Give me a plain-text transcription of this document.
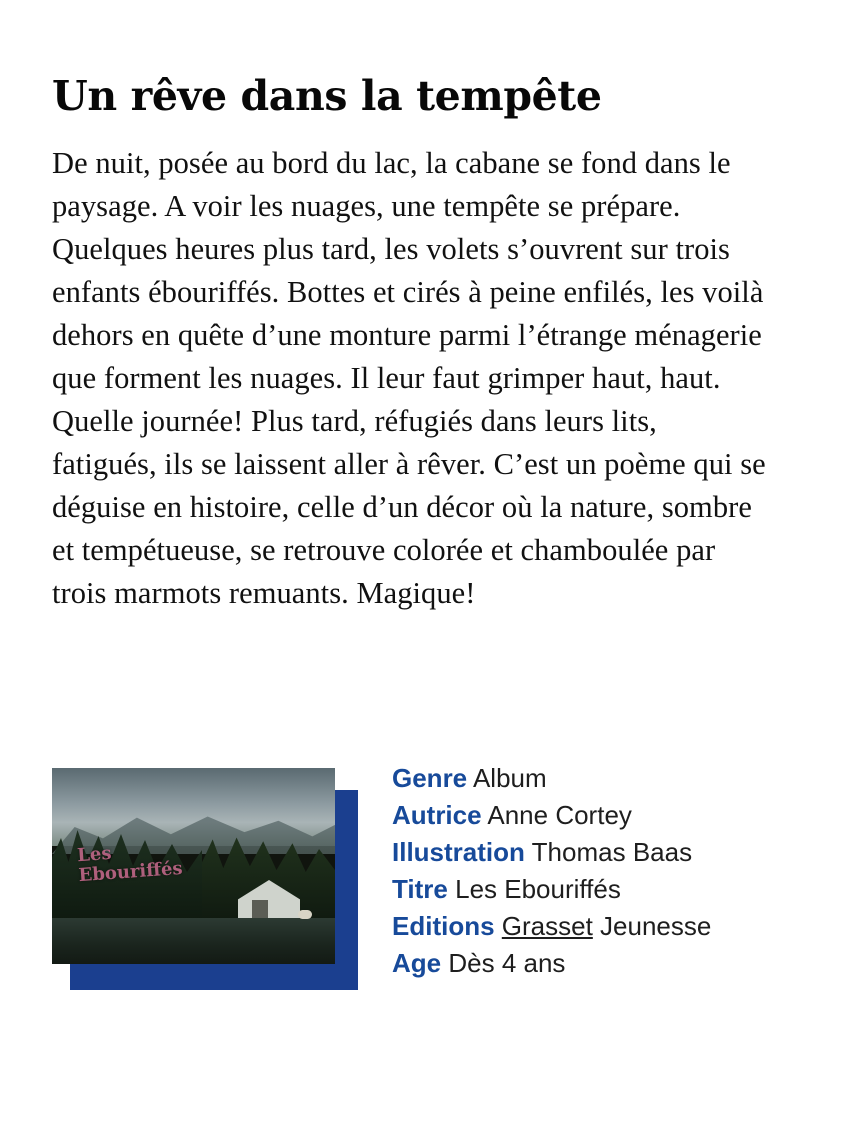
Un rêve dans la tempête

De nuit, posée au bord du lac, la cabane se fond dans le paysage. A voir les nuages, une tempête se prépare. Quelques heures plus tard, les volets s’ouvrent sur trois enfants ébouriffés. Bottes et cirés à peine enfilés, les voilà dehors en quête d’une monture parmi l’étrange ménagerie que forment les nuages. Il leur faut grimper haut, haut. Quelle journée! Plus tard, réfugiés dans leurs lits, fatigués, ils se laissent aller à rêver. C’est un poème qui se déguise en histoire, celle d’un décor où la nature, sombre et tempétueuse, se retrouve colorée et chamboulée par trois marmots remuants. Magique!

Les Ebouriffés
Genre Album
Autrice Anne Cortey
Illustration Thomas Baas
Titre Les Ebouriffés
Editions Grasset Jeunesse
Age Dès 4 ans
